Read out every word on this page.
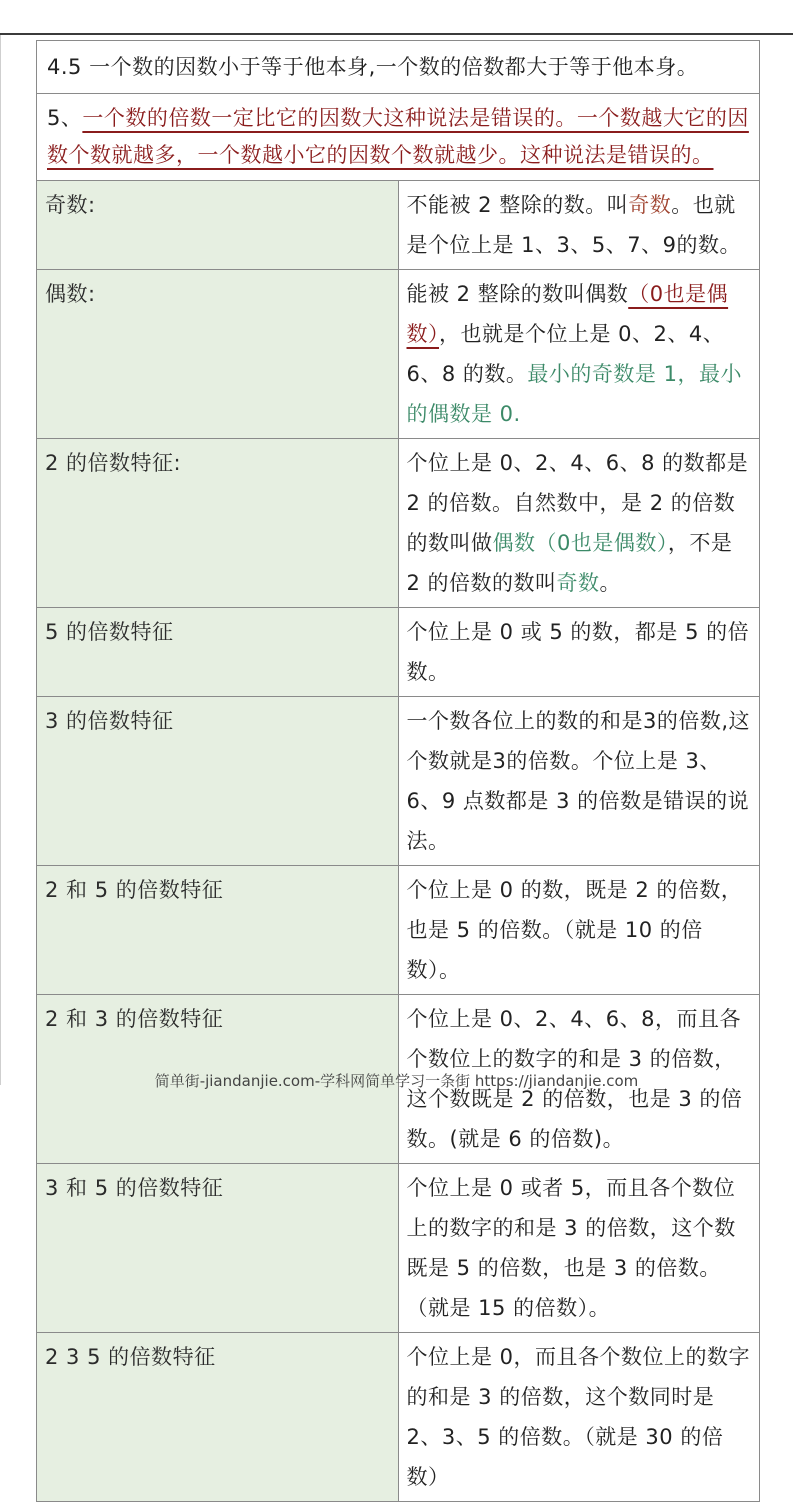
4.5 一个数的因数小于等于他本身,一个数的倍数都大于等于他本身。	
5、一个数的倍数一定比它的因数大这种说法是错误的。一个数越大它的因数个数就越多，一个数越小它的因数个数就越少。这种说法是错误的。	
奇数:	不能被 2 整除的数。叫奇数。也就是个位上是 1、3、5、7、9的数。
偶数:	能被 2 整除的数叫偶数（0也是偶数），也就是个位上是 0、2、4、6、8 的数。最小的奇数是 1，最小的偶数是 0.
2 的倍数特征:	个位上是 0、2、4、6、8 的数都是 2 的倍数。自然数中，是 2 的倍数的数叫做偶数（0也是偶数），不是 2 的倍数的数叫奇数。
5 的倍数特征	个位上是 0 或 5 的数，都是 5 的倍数。
3 的倍数特征	一个数各位上的数的和是3的倍数,这个数就是3的倍数。个位上是 3、6、9 点数都是 3 的倍数是错误的说法。
2 和 5 的倍数特征	个位上是 0 的数，既是 2 的倍数，也是 5 的倍数。（就是 10 的倍数）。
2 和 3 的倍数特征	个位上是 0、2、4、6、8，而且各个数位上的数字的和是 3 的倍数，这个数既是 2 的倍数，也是 3 的倍数。(就是 6 的倍数)。
3 和 5 的倍数特征	个位上是 0 或者 5，而且各个数位上的数字的和是 3 的倍数，这个数既是 5 的倍数，也是 3 的倍数。（就是 15 的倍数）。
2 3 5 的倍数特征	个位上是 0，而且各个数位上的数字的和是 3 的倍数，这个数同时是 2、3、5 的倍数。（就是 30 的倍数）
简单街-jiandanjie.com-学科网简单学习一条街 https://jiandanjie.com
